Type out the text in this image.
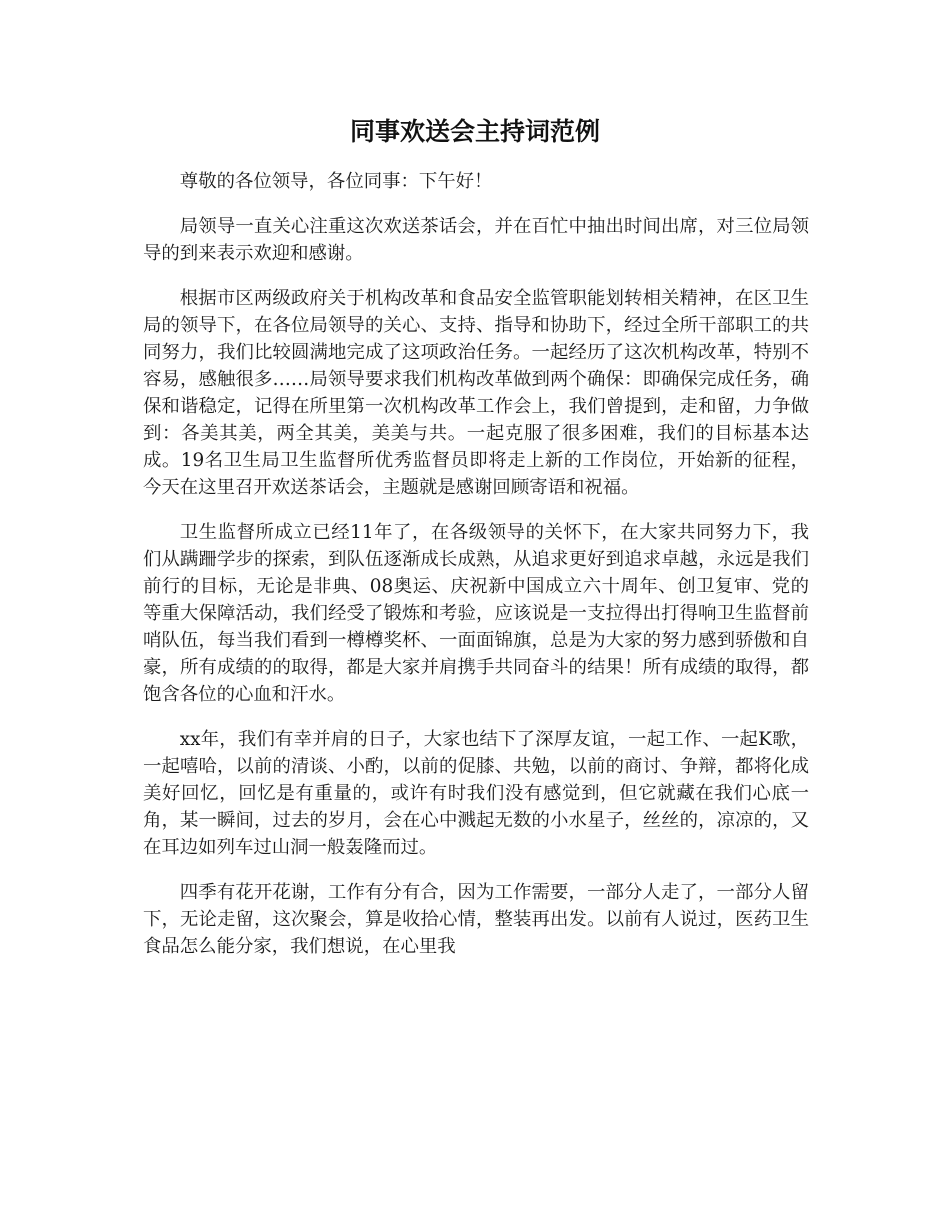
同事欢送会主持词范例

尊敬的各位领导，各位同事：下午好！

局领导一直关心注重这次欢送茶话会，并在百忙中抽出时间出席，对三位局领导的到来表示欢迎和感谢。

根据市区两级政府关于机构改革和食品安全监管职能划转相关精神，在区卫生局的领导下，在各位局领导的关心、支持、指导和协助下，经过全所干部职工的共同努力，我们比较圆满地完成了这项政治任务。一起经历了这次机构改革，特别不容易，感触很多……局领导要求我们机构改革做到两个确保：即确保完成任务，确保和谐稳定，记得在所里第一次机构改革工作会上，我们曾提到，走和留，力争做到：各美其美，两全其美，美美与共。一起克服了很多困难，我们的目标基本达成。19名卫生局卫生监督所优秀监督员即将走上新的工作岗位，开始新的征程，今天在这里召开欢送茶话会，主题就是感谢回顾寄语和祝福。

卫生监督所成立已经11年了，在各级领导的关怀下，在大家共同努力下，我们从蹒跚学步的探索，到队伍逐渐成长成熟，从追求更好到追求卓越，永远是我们前行的目标，无论是非典、08奥运、庆祝新中国成立六十周年、创卫复审、党的等重大保障活动，我们经受了锻炼和考验，应该说是一支拉得出打得响卫生监督前哨队伍，每当我们看到一樽樽奖杯、一面面锦旗，总是为大家的努力感到骄傲和自豪，所有成绩的的取得，都是大家并肩携手共同奋斗的结果！所有成绩的取得，都饱含各位的心血和汗水。

xx年，我们有幸并肩的日子，大家也结下了深厚友谊，一起工作、一起K歌，一起嘻哈，以前的清谈、小酌，以前的促膝、共勉，以前的商讨、争辩，都将化成美好回忆，回忆是有重量的，或许有时我们没有感觉到，但它就藏在我们心底一角，某一瞬间，过去的岁月，会在心中溅起无数的小水星子，丝丝的，凉凉的，又在耳边如列车过山洞一般轰隆而过。

四季有花开花谢，工作有分有合，因为工作需要，一部分人走了，一部分人留下，无论走留，这次聚会，算是收拾心情，整装再出发。以前有人说过，医药卫生食品怎么能分家，我们想说，在心里我
